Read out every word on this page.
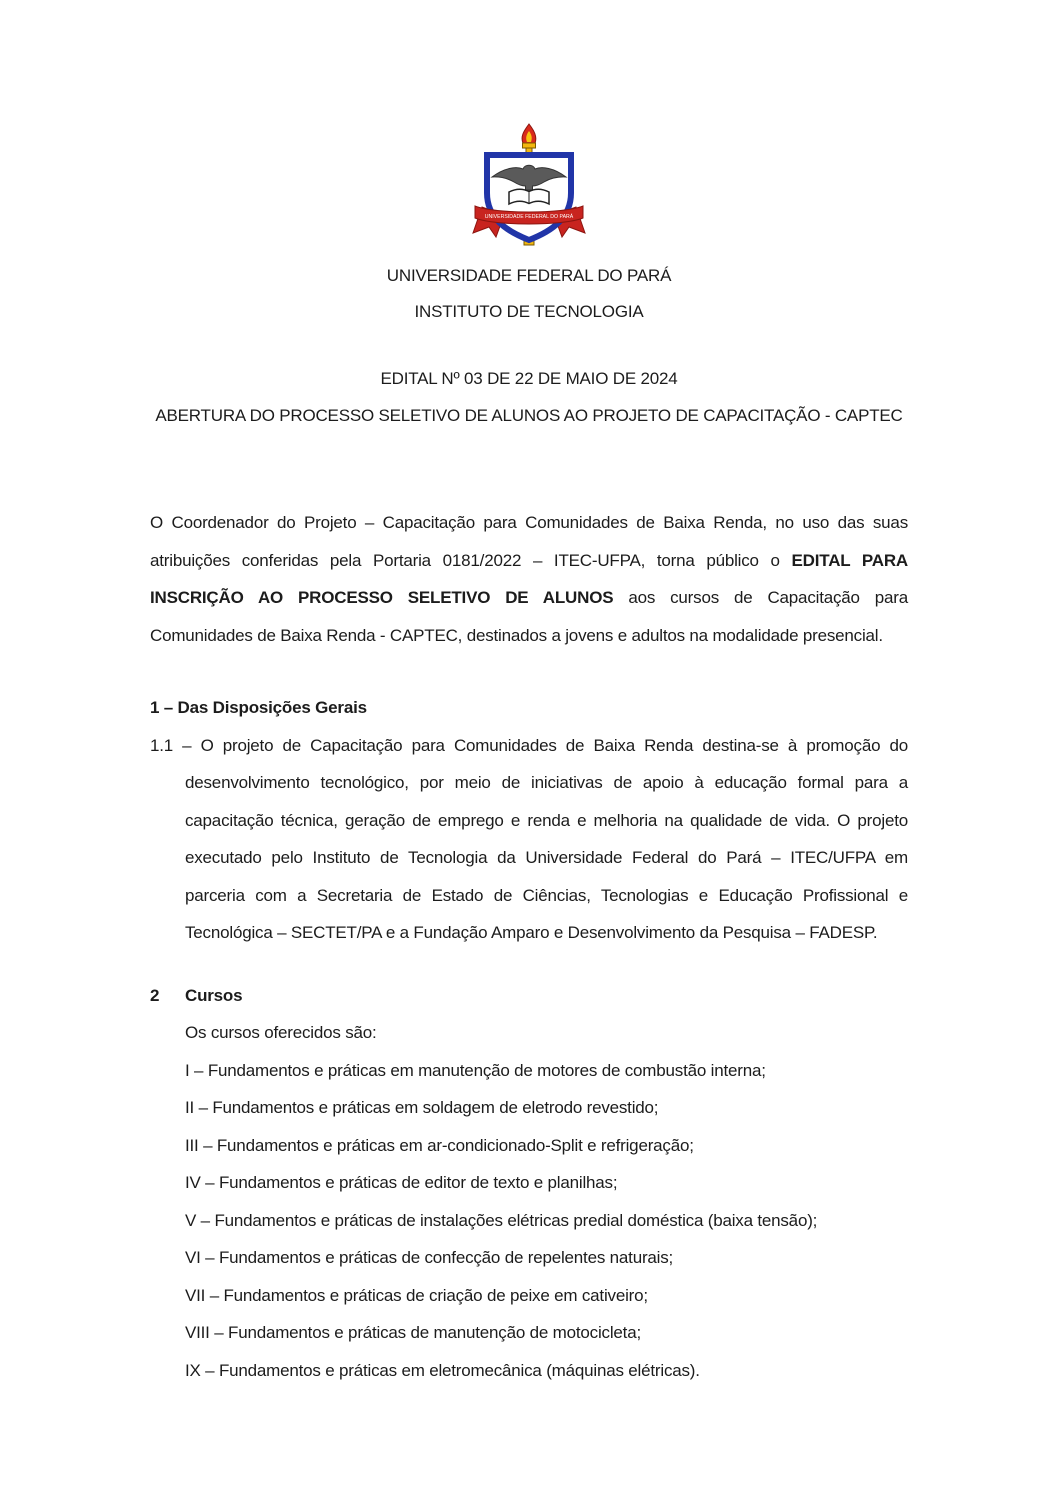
UNIVERSIDADE FEDERAL DO PARÁ
UNIVERSIDADE FEDERAL DO PARÁ
INSTITUTO DE TECNOLOGIA
EDITAL Nº 03 DE 22 DE MAIO DE 2024
ABERTURA DO PROCESSO SELETIVO DE ALUNOS AO PROJETO DE CAPACITAÇÃO - CAPTEC

O Coordenador do Projeto – Capacitação para Comunidades de Baixa Renda, no uso das suas atribuições conferidas pela Portaria 0181/2022 – ITEC-UFPA, torna público o EDITAL PARA INSCRIÇÃO AO PROCESSO SELETIVO DE ALUNOS aos cursos de Capacitação para Comunidades de Baixa Renda - CAPTEC, destinados a jovens e adultos na modalidade presencial.

1 – Das Disposições Gerais

1.1 – O projeto de Capacitação para Comunidades de Baixa Renda destina-se à promoção do desenvolvimento tecnológico, por meio de iniciativas de apoio à educação formal para a capacitação técnica, geração de emprego e renda e melhoria na qualidade de vida. O projeto executado pelo Instituto de Tecnologia da Universidade Federal do Pará – ITEC/UFPA em parceria com a Secretaria de Estado de Ciências, Tecnologias e Educação Profissional e Tecnológica – SECTET/PA e a Fundação Amparo e Desenvolvimento da Pesquisa – FADESP.

2 Cursos
Os cursos oferecidos são:
I – Fundamentos e práticas em manutenção de motores de combustão interna;
II – Fundamentos e práticas em soldagem de eletrodo revestido;
III – Fundamentos e práticas em ar-condicionado-Split e refrigeração;
IV – Fundamentos e práticas de editor de texto e planilhas;
V – Fundamentos e práticas de instalações elétricas predial doméstica (baixa tensão);
VI – Fundamentos e práticas de confecção de repelentes naturais;
VII – Fundamentos e práticas de criação de peixe em cativeiro;
VIII – Fundamentos e práticas de manutenção de motocicleta;
IX – Fundamentos e práticas em eletromecânica (máquinas elétricas).
